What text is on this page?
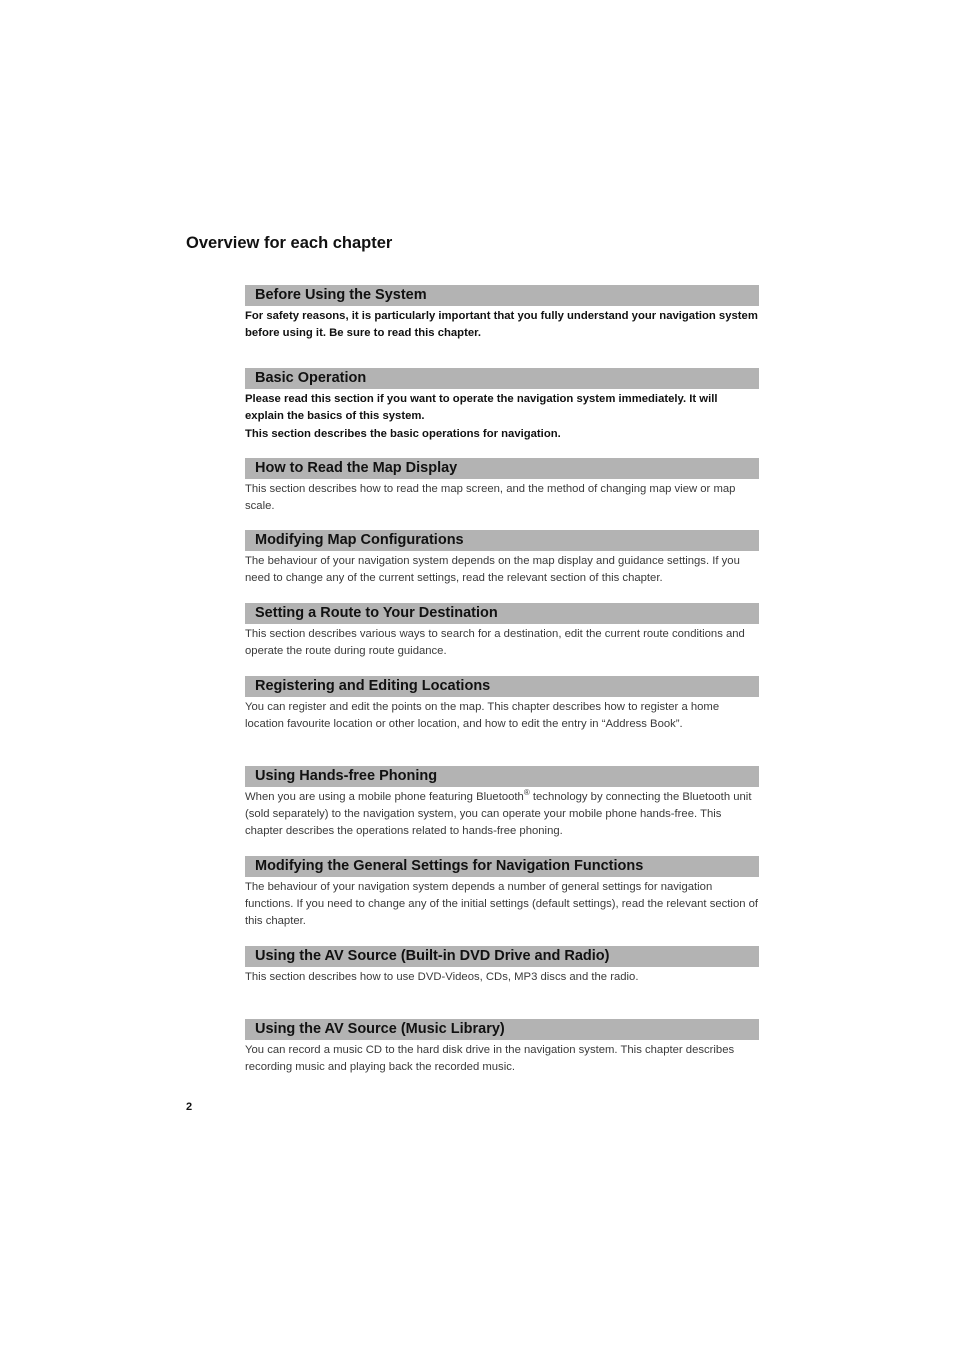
Overview for each chapter
Before Using the System

For safety reasons, it is particularly important that you fully understand your navigation system before using it. Be sure to read this chapter.

Basic Operation

Please read this section if you want to operate the navigation system immediately. It will explain the basics of this system.

This section describes the basic operations for navigation.

How to Read the Map Display

This section describes how to read the map screen, and the method of changing map view or map scale.

Modifying Map Configurations

The behaviour of your navigation system depends on the map display and guidance settings. If you need to change any of the current settings, read the relevant section of this chapter.

Setting a Route to Your Destination

This section describes various ways to search for a destination, edit the current route conditions and operate the route during route guidance.

Registering and Editing Locations

You can register and edit the points on the map. This chapter describes how to register a home location favourite location or other location, and how to edit the entry in “Address Book”.

Using Hands-free Phoning

When you are using a mobile phone featuring Bluetooth® technology by connecting the Bluetooth unit (sold separately) to the navigation system, you can operate your mobile phone hands-free. This chapter describes the operations related to hands-free phoning.

Modifying the General Settings for Navigation Functions

The behaviour of your navigation system depends a number of general settings for navigation functions. If you need to change any of the initial settings (default settings), read the relevant section of this chapter.

Using the AV Source (Built-in DVD Drive and Radio)

This section describes how to use DVD-Videos, CDs, MP3 discs and the radio.

Using the AV Source (Music Library)

You can record a music CD to the hard disk drive in the navigation system. This chapter describes recording music and playing back the recorded music.

2
